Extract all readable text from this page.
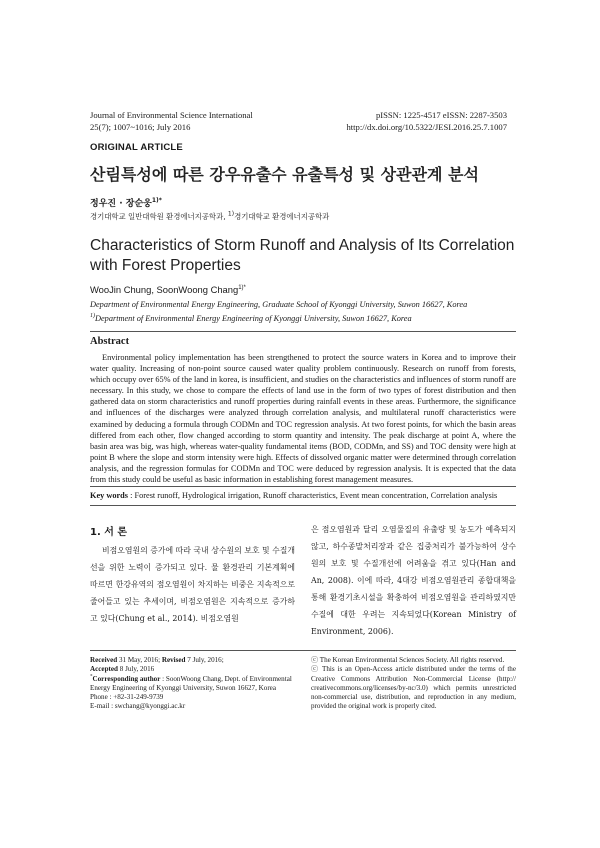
Journal of Environmental Science International
25(7); 1007~1016; July 2016
pISSN: 1225-4517 eISSN: 2287-3503
http://dx.doi.org/10.5322/JESI.2016.25.7.1007
ORIGINAL ARTICLE
산림특성에 따른 강우유출수 유출특성 및 상관관계 분석
정우진 · 장순웅$^{1)*}$
경기대학교 일반대학원 환경에너지공학과, $^{1)}$경기대학교 환경에너지공학과
Characteristics of Storm Runoff and Analysis of Its Correlation with Forest Properties
WooJin Chung, SoonWoong Chang$^{1)*}$
Department of Environmental Energy Engineering, Graduate School of Kyonggi University, Suwon 16627, Korea
$^{1)}$Department of Environmental Energy Engineering of Kyonggi University, Suwon 16627, Korea
Abstract
Environmental policy implementation has been strengthened to protect the source waters in Korea and to improve their water quality. Increasing of non-point source caused water quality problem continuously. Research on runoff from forests, which occupy over 65% of the land in korea, is insufficient, and studies on the characteristics and influences of storm runoff are necessary. In this study, we chose to compare the effects of land use in the form of two types of forest distribution and then gathered data on storm characteristics and runoff properties during rainfall events in these areas. Furthermore, the significance and influences of the discharges were analyzed through correlation analysis, and multilateral runoff characteristics were examined by deducing a formula through CODMn and TOC regression analysis. At two forest points, for which the basin areas differed from each other, flow changed according to storm quantity and intensity. The peak discharge at point A, where the basin area was big, was high, whereas water-quality fundamental items (BOD, CODMn, and SS) and TOC density were high at point B where the slope and storm intensity were high. Effects of dissolved organic matter were determined through correlation analysis, and the regression formulas for CODMn and TOC were deduced by regression analysis. It is expected that the data from this study could be useful as basic information in establishing forest management measures.
Key words : Forest runoff, Hydrological irrigation, Runoff characteristics, Event mean concentration, Correlation analysis
1. 서 론
비점오염원의 증가에 따라 국내 상수원의 보호 및 수질개선을 위한 노력이 증가되고 있다. 물 환경관리 기본계획에 따르면 한강유역의 점오염원이 차지하는 비중은 지속적으로 줄어들고 있는 추세이며, 비점오염원은 지속적으로 증가하고 있다(Chung et al., 2014). 비점오염원
은 점오염원과 달리 오염물질의 유출량 및 농도가 예측되지 않고, 하수종말처리장과 같은 집중처리가 불가능하여 상수원의 보호 및 수질개선에 어려움을 겪고 있다(Han and An, 2008). 이에 따라, 4대강 비점오염원관리 종합대책을 통해 환경기초시설을 확충하여 비점오염원을 관리하였지만 수질에 대한 우려는 지속되었다(Korean Ministry of Environment, 2006).
Received 31 May, 2016; Revised 7 July, 2016;
Accepted 8 July, 2016
*Corresponding author : SoonWoong Chang, Dept. of Environmental Energy Engineering of Kyonggi University, Suwon 16627, Korea
Phone : +82-31-249-9739
E-mail : swchang@kyonggi.ac.kr
ⓒ The Korean Environmental Sciences Society. All rights reserved.
ⓒ This is an Open-Access article distributed under the terms of the Creative Commons Attribution Non-Commercial License (http:// creativecommons.org/licenses/by-nc/3.0) which permits unrestricted non-commercial use, distribution, and reproduction in any medium, provided the original work is properly cited.
